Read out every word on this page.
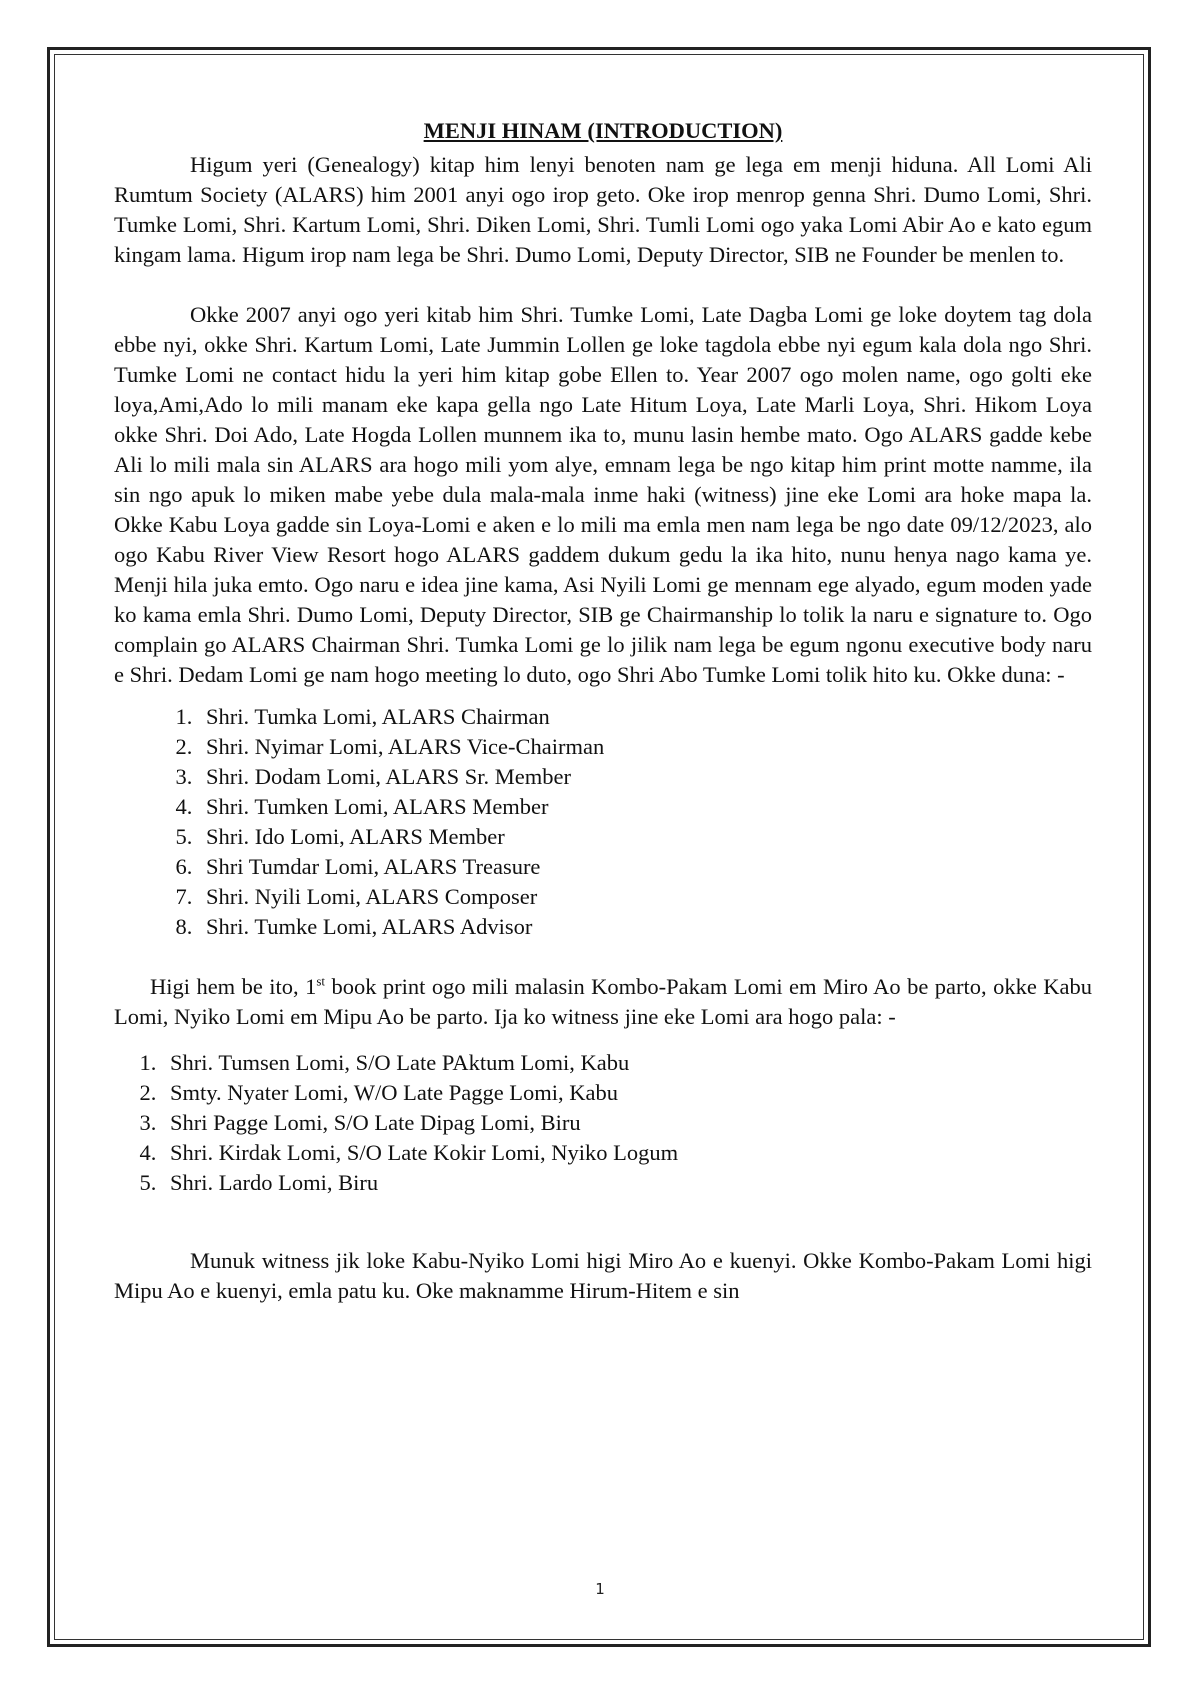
MENJI HINAM (INTRODUCTION)

Higum yeri (Genealogy) kitap him lenyi benoten nam ge lega em menji hiduna. All Lomi Ali Rumtum Society (ALARS) him 2001 anyi ogo irop geto. Oke irop menrop genna Shri. Dumo Lomi, Shri. Tumke Lomi, Shri. Kartum Lomi, Shri. Diken Lomi, Shri. Tumli Lomi ogo yaka Lomi Abir Ao e kato egum kingam lama. Higum irop nam lega be Shri. Dumo Lomi, Deputy Director, SIB ne Founder be menlen to.

Okke 2007 anyi ogo yeri kitab him Shri. Tumke Lomi, Late Dagba Lomi ge loke doytem tag dola ebbe nyi, okke Shri. Kartum Lomi, Late Jummin Lollen ge loke tagdola ebbe nyi egum kala dola ngo Shri. Tumke Lomi ne contact hidu la yeri him kitap gobe Ellen to. Year 2007 ogo molen name, ogo golti eke loya,Ami,Ado lo mili manam eke kapa gella ngo Late Hitum Loya, Late Marli Loya, Shri. Hikom Loya okke Shri. Doi Ado, Late Hogda Lollen munnem ika to, munu lasin hembe mato. Ogo ALARS gadde kebe Ali lo mili mala sin ALARS ara hogo mili yom alye, emnam lega be ngo kitap him print motte namme, ila sin ngo apuk lo miken mabe yebe dula mala-mala inme haki (witness) jine eke Lomi ara hoke mapa la. Okke Kabu Loya gadde sin Loya-Lomi e aken e lo mili ma emla men nam lega be ngo date 09/12/2023, alo ogo Kabu River View Resort hogo ALARS gaddem dukum gedu la ika hito, nunu henya nago kama ye. Menji hila juka emto. Ogo naru e idea jine kama, Asi Nyili Lomi ge mennam ege alyado, egum moden yade ko kama emla Shri. Dumo Lomi, Deputy Director, SIB ge Chairmanship lo tolik la naru e signature to. Ogo complain go ALARS Chairman Shri. Tumka Lomi ge lo jilik nam lega be egum ngonu executive body naru e Shri. Dedam Lomi ge nam hogo meeting lo duto, ogo Shri Abo Tumke Lomi tolik hito ku. Okke duna: -

1. Shri. Tumka Lomi, ALARS Chairman
2. Shri. Nyimar Lomi, ALARS Vice-Chairman
3. Shri. Dodam Lomi, ALARS Sr. Member
4. Shri. Tumken Lomi, ALARS Member
5. Shri. Ido Lomi, ALARS Member
6. Shri Tumdar Lomi, ALARS Treasure
7. Shri. Nyili Lomi, ALARS Composer
8. Shri. Tumke Lomi, ALARS Advisor

Higi hem be ito, 1st book print ogo mili malasin Kombo-Pakam Lomi em Miro Ao be parto, okke Kabu Lomi, Nyiko Lomi em Mipu Ao be parto. Ija ko witness jine eke Lomi ara hogo pala: -

1. Shri. Tumsen Lomi, S/O Late PAktum Lomi, Kabu
2. Smty. Nyater Lomi, W/O Late Pagge Lomi, Kabu
3. Shri Pagge Lomi, S/O Late Dipag Lomi, Biru
4. Shri. Kirdak Lomi, S/O Late Kokir Lomi, Nyiko Logum
5. Shri. Lardo Lomi, Biru

Munuk witness jik loke Kabu-Nyiko Lomi higi Miro Ao e kuenyi. Okke Kombo-Pakam Lomi higi Mipu Ao e kuenyi, emla patu ku. Oke maknamme Hirum-Hitem e sin

1
